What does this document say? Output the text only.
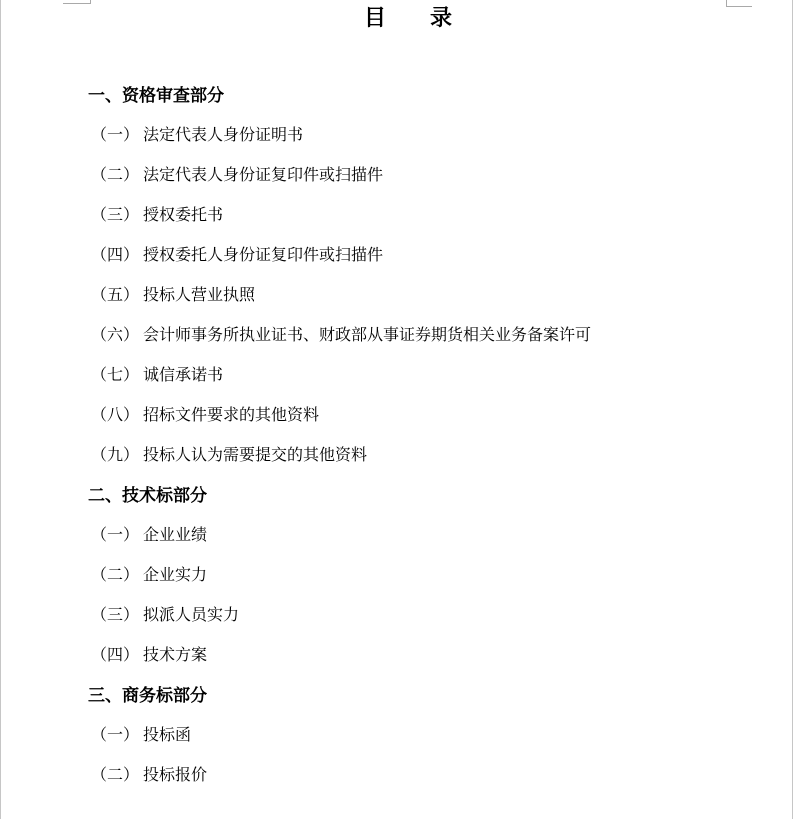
目　　录
一、资格审查部分
（一） 法定代表人身份证明书
（二） 法定代表人身份证复印件或扫描件
（三） 授权委托书
（四） 授权委托人身份证复印件或扫描件
（五） 投标人营业执照
（六） 会计师事务所执业证书、财政部从事证券期货相关业务备案许可
（七） 诚信承诺书
（八） 招标文件要求的其他资料
（九） 投标人认为需要提交的其他资料
二、技术标部分
（一） 企业业绩
（二） 企业实力
（三） 拟派人员实力
（四） 技术方案
三、商务标部分
（一） 投标函
（二） 投标报价
